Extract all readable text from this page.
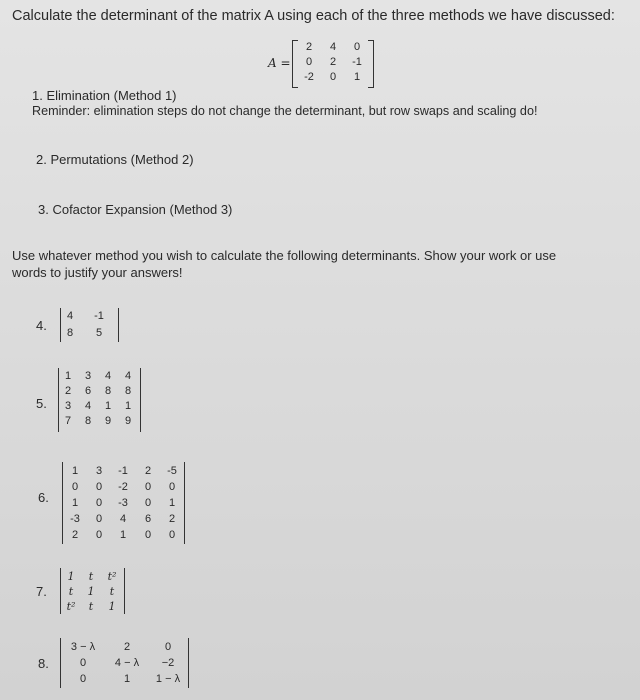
Calculate the determinant of the matrix A using each of the three methods we have discussed:
A =
2	4	0
0	2	-1
-2	0	1
1. Elimination (Method 1)
Reminder: elimination steps do not change the determinant, but row swaps and scaling do!
2. Permutations (Method 2)
3. Cofactor Expansion (Method 3)
Use whatever method you wish to calculate the following determinants. Show your work or use
words to justify your answers!
4.
4	-1
8	5
5.
1	3	4	4
2	6	8	8
3	4	1	1
7	8	9	9
6.
1	3	-1	2	-5
0	0	-2	0	0
1	0	-3	0	1
-3	0	4	6	2
2	0	1	0	0
7.
1	t	t²
t	1	t
t²	t	1
8.
3 − λ	2	0
0	4 − λ	−2
0	1	1 − λ
